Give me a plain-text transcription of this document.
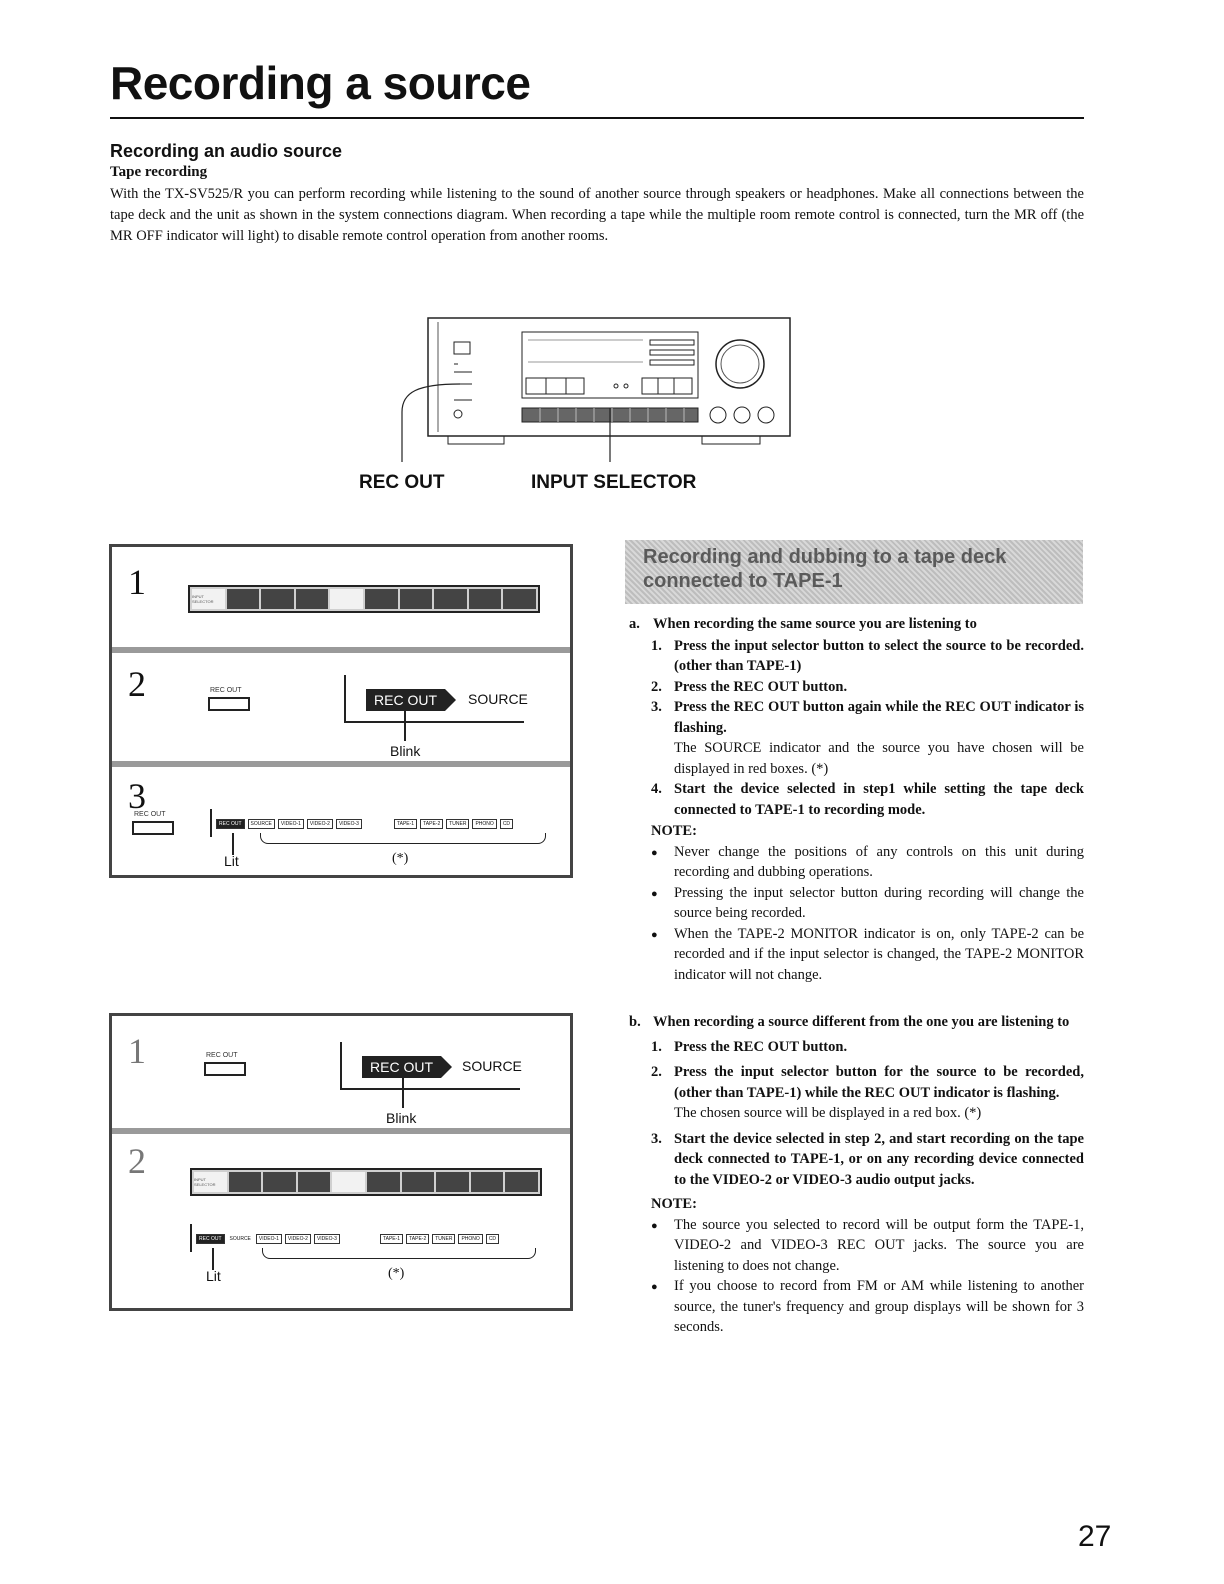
Recording a source
Recording an audio source
Tape recording
With the TX-SV525/R you can perform recording while listening to the sound of another source through speakers or headphones. Make all connections between the tape deck and the unit as shown in the system connections diagram. When recording a tape while the multiple room remote control is connected, turn the MR off (the MR OFF indicator will light) to disable remote control operation from another rooms.
REC OUT	INPUT SELECTOR
1	INPUT SELECTOR
2	REC OUT
REC OUT	SOURCE
Blink
3
REC OUT
REC OUT	SOURCE	VIDEO-1	VIDEO-2	VIDEO-3	TAPE-1	TAPE-2	TUNER	PHONO	CD
Lit	(*)
1	REC OUT
REC OUT	SOURCE
Blink
2	INPUT SELECTOR
REC OUT	SOURCE	VIDEO-1	VIDEO-2	VIDEO-3	TAPE-1	TAPE-2	TUNER	PHONO	CD
Lit	(*)
Recording and dubbing to a tape deck connected to TAPE-1
a. When recording the same source you are listening to
1. Press the input selector button to select the source to be recorded. (other than TAPE-1)
2. Press the REC OUT button.
3. Press the REC OUT button again while the REC OUT indicator is flashing.
The SOURCE indicator and the source you have chosen will be displayed in red boxes. (*)
4. Start the device selected in step1 while setting the tape deck connected to TAPE-1 to recording mode.
NOTE:
● Never change the positions of any controls on this unit during recording and dubbing operations.
● Pressing the input selector button during recording will change the source being recorded.
● When the TAPE-2 MONITOR indicator is on, only TAPE-2 can be recorded and if the input selector is changed, the TAPE-2 MONITOR indicator will not change.
b. When recording a source different from the one you are listening to
1. Press the REC OUT button.
2. Press the input selector button for the source to be recorded, (other than TAPE-1) while the REC OUT indicator is flashing.
The chosen source will be displayed in a red box. (*)
3. Start the device selected in step 2, and start recording on the tape deck connected to TAPE-1, or on any recording device connected to the VIDEO-2 or VIDEO-3 audio output jacks.
NOTE:
● The source you selected to record will be output form the TAPE-1, VIDEO-2 and VIDEO-3 REC OUT jacks. The source you are listening to does not change.
● If you choose to record from FM or AM while listening to another source, the tuner's frequency and group displays will be shown for 3 seconds.
27
